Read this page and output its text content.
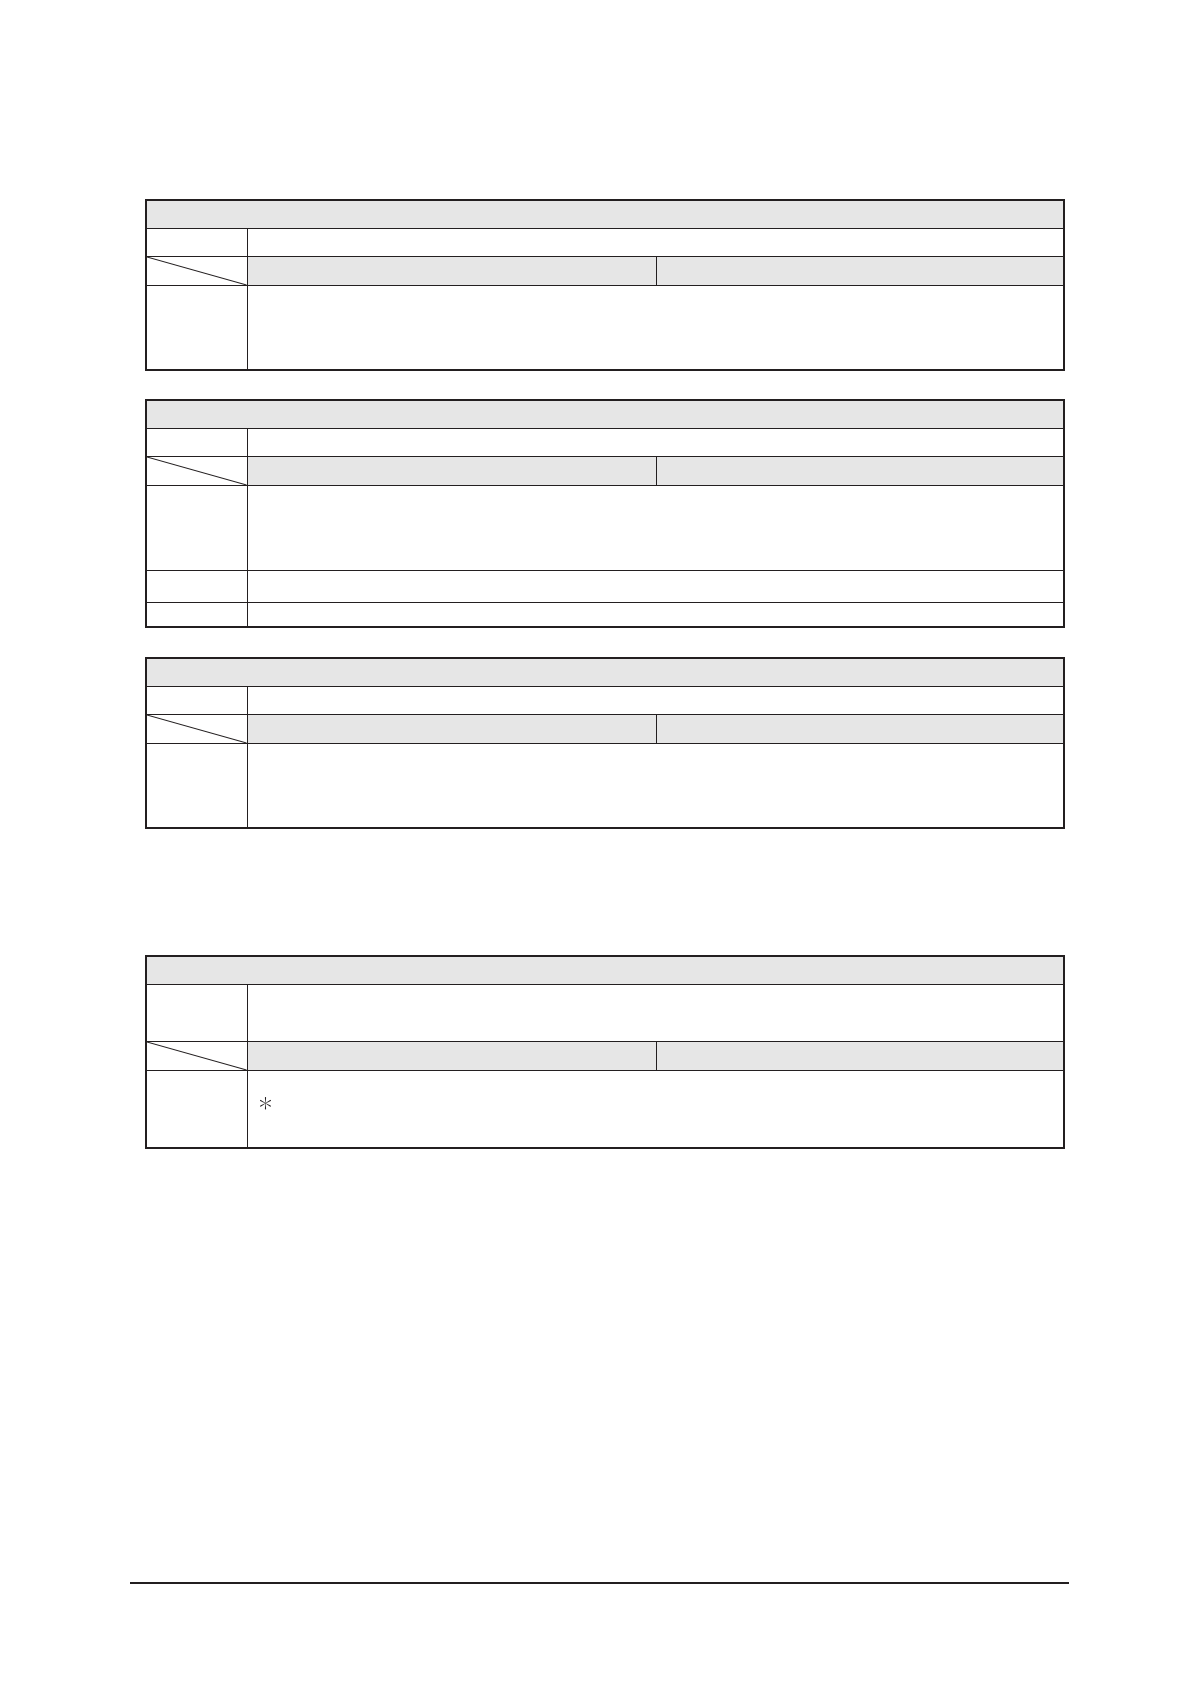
	＊	
